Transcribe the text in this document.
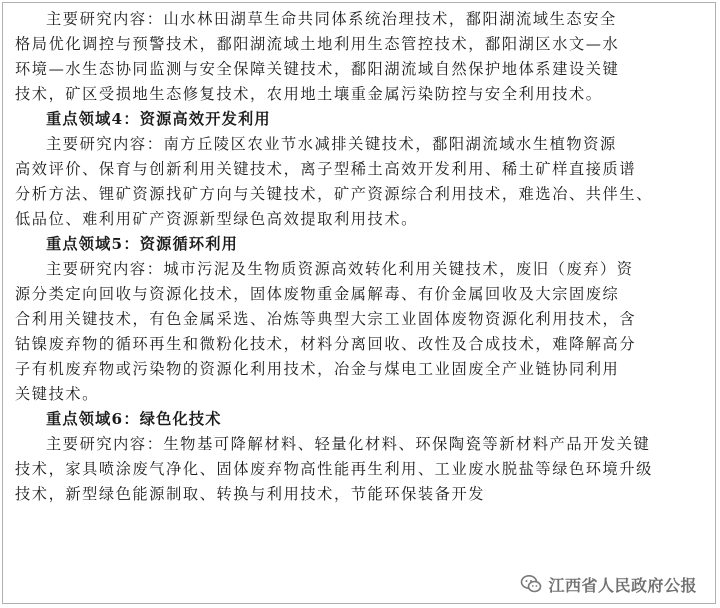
主要研究内容：山水林田湖草生命共同体系统治理技术，鄱阳湖流域生态安全
格局优化调控与预警技术，鄱阳湖流域土地利用生态管控技术，鄱阳湖区水文—水
环境—水生态协同监测与安全保障关键技术，鄱阳湖流域自然保护地体系建设关键
技术，矿区受损地生态修复技术，农用地土壤重金属污染防控与安全利用技术。
重点领域4：资源高效开发利用
主要研究内容：南方丘陵区农业节水减排关键技术，鄱阳湖流域水生植物资源
高效评价、保育与创新利用关键技术，离子型稀土高效开发利用、稀土矿样直接质谱
分析方法、锂矿资源找矿方向与关键技术，矿产资源综合利用技术，难选冶、共伴生、
低品位、难利用矿产资源新型绿色高效提取利用技术。
重点领域5：资源循环利用
主要研究内容：城市污泥及生物质资源高效转化利用关键技术，废旧（废弃）资
源分类定向回收与资源化技术，固体废物重金属解毒、有价金属回收及大宗固废综
合利用关键技术，有色金属采选、冶炼等典型大宗工业固体废物资源化利用技术，含
钴镍废弃物的循环再生和微粉化技术，材料分离回收、改性及合成技术，难降解高分
子有机废弃物或污染物的资源化利用技术，冶金与煤电工业固废全产业链协同利用
关键技术。
重点领域6：绿色化技术
主要研究内容：生物基可降解材料、轻量化材料、环保陶瓷等新材料产品开发关键
技术，家具喷涂废气净化、固体废弃物高性能再生利用、工业废水脱盐等绿色环境升级
技术，新型绿色能源制取、转换与利用技术，节能环保装备开发
江西省人民政府公报
